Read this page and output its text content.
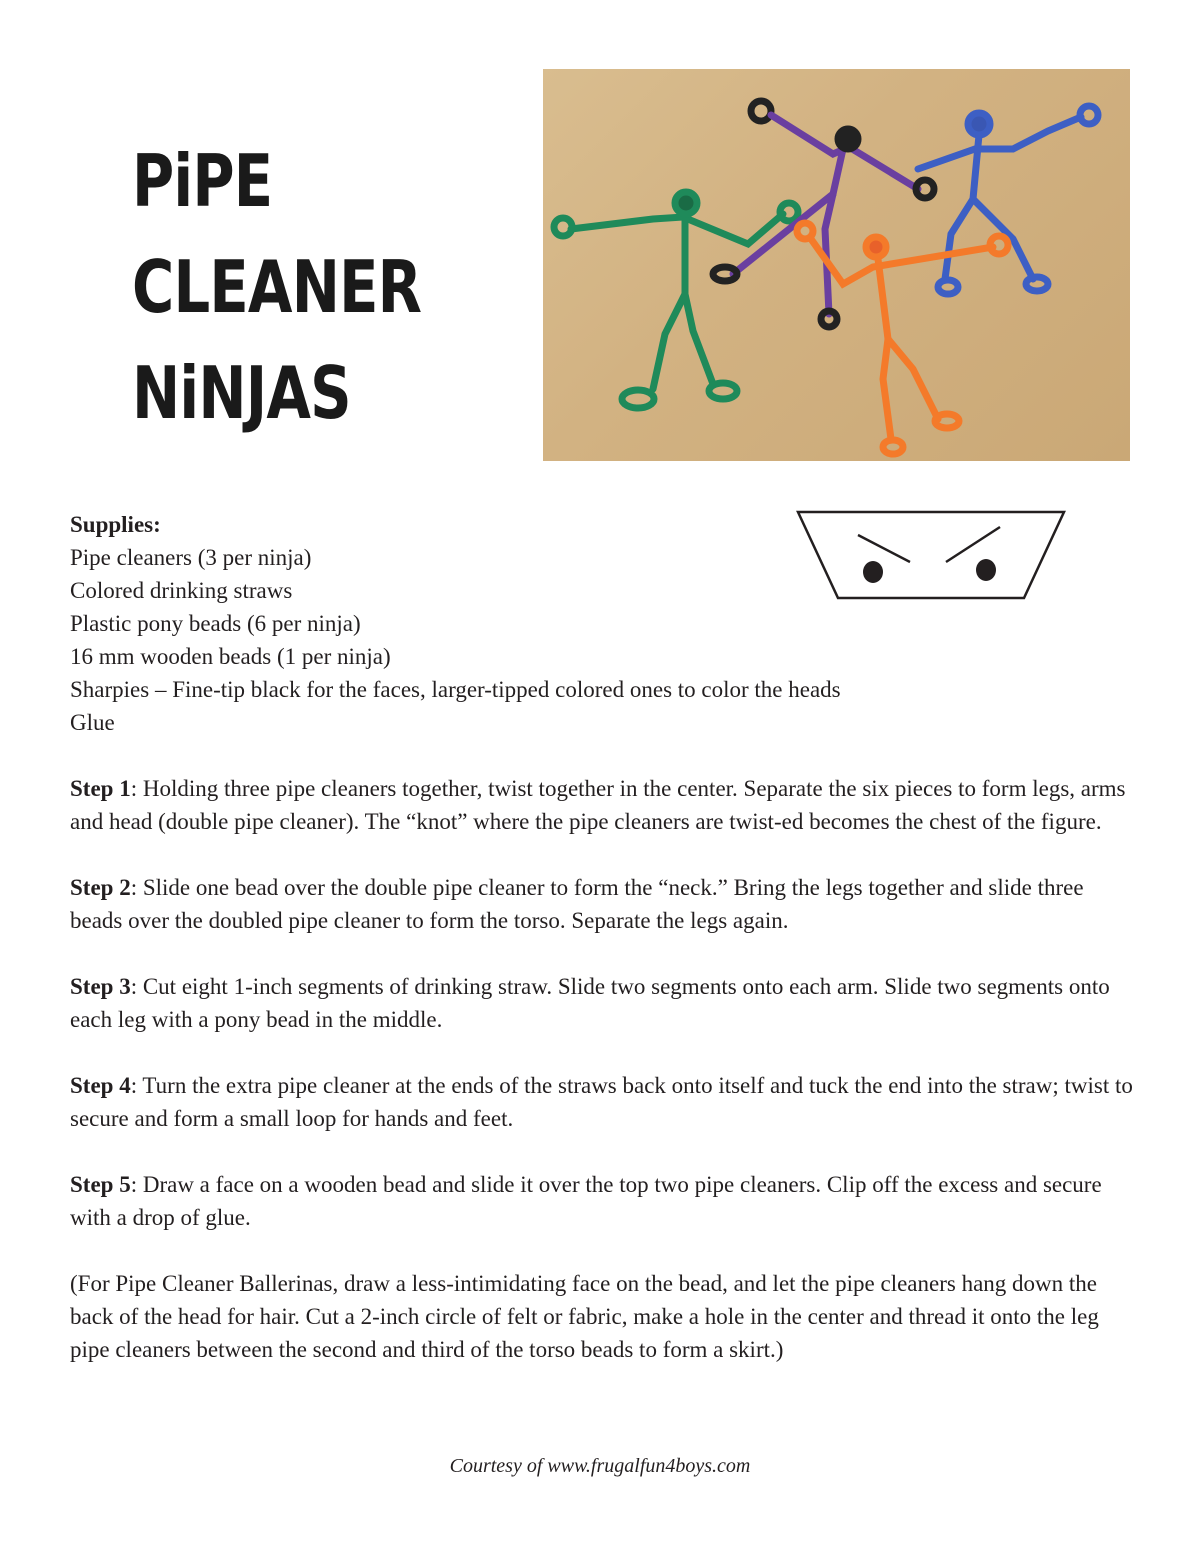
PiPE
CLEANER
NiNJAS
Supplies:
Pipe cleaners (3 per ninja)
Colored drinking straws
Plastic pony beads (6 per ninja)
16 mm wooden beads (1 per ninja)
Sharpies – Fine-tip black for the faces, larger-tipped colored ones to color the heads
Glue
Step 1: Holding three pipe cleaners together, twist together in the center. Separate the six pieces to form legs, arms and head (double pipe cleaner). The “knot” where the pipe cleaners are twist-ed becomes the chest of the figure.
Step 2: Slide one bead over the double pipe cleaner to form the “neck.” Bring the legs together and slide three beads over the doubled pipe cleaner to form the torso. Separate the legs again.
Step 3: Cut eight 1-inch segments of drinking straw. Slide two segments onto each arm. Slide two segments onto each leg with a pony bead in the middle.
Step 4: Turn the extra pipe cleaner at the ends of the straws back onto itself and tuck the end into the straw; twist to secure and form a small loop for hands and feet.
Step 5: Draw a face on a wooden bead and slide it over the top two pipe cleaners. Clip off the excess and secure with a drop of glue.
(For Pipe Cleaner Ballerinas, draw a less-intimidating face on the bead, and let the pipe cleaners hang down the back of the head for hair. Cut a 2-inch circle of felt or fabric, make a hole in the center and thread it onto the leg pipe cleaners between the second and third of the torso beads to form a skirt.)
Courtesy of www.frugalfun4boys.com
